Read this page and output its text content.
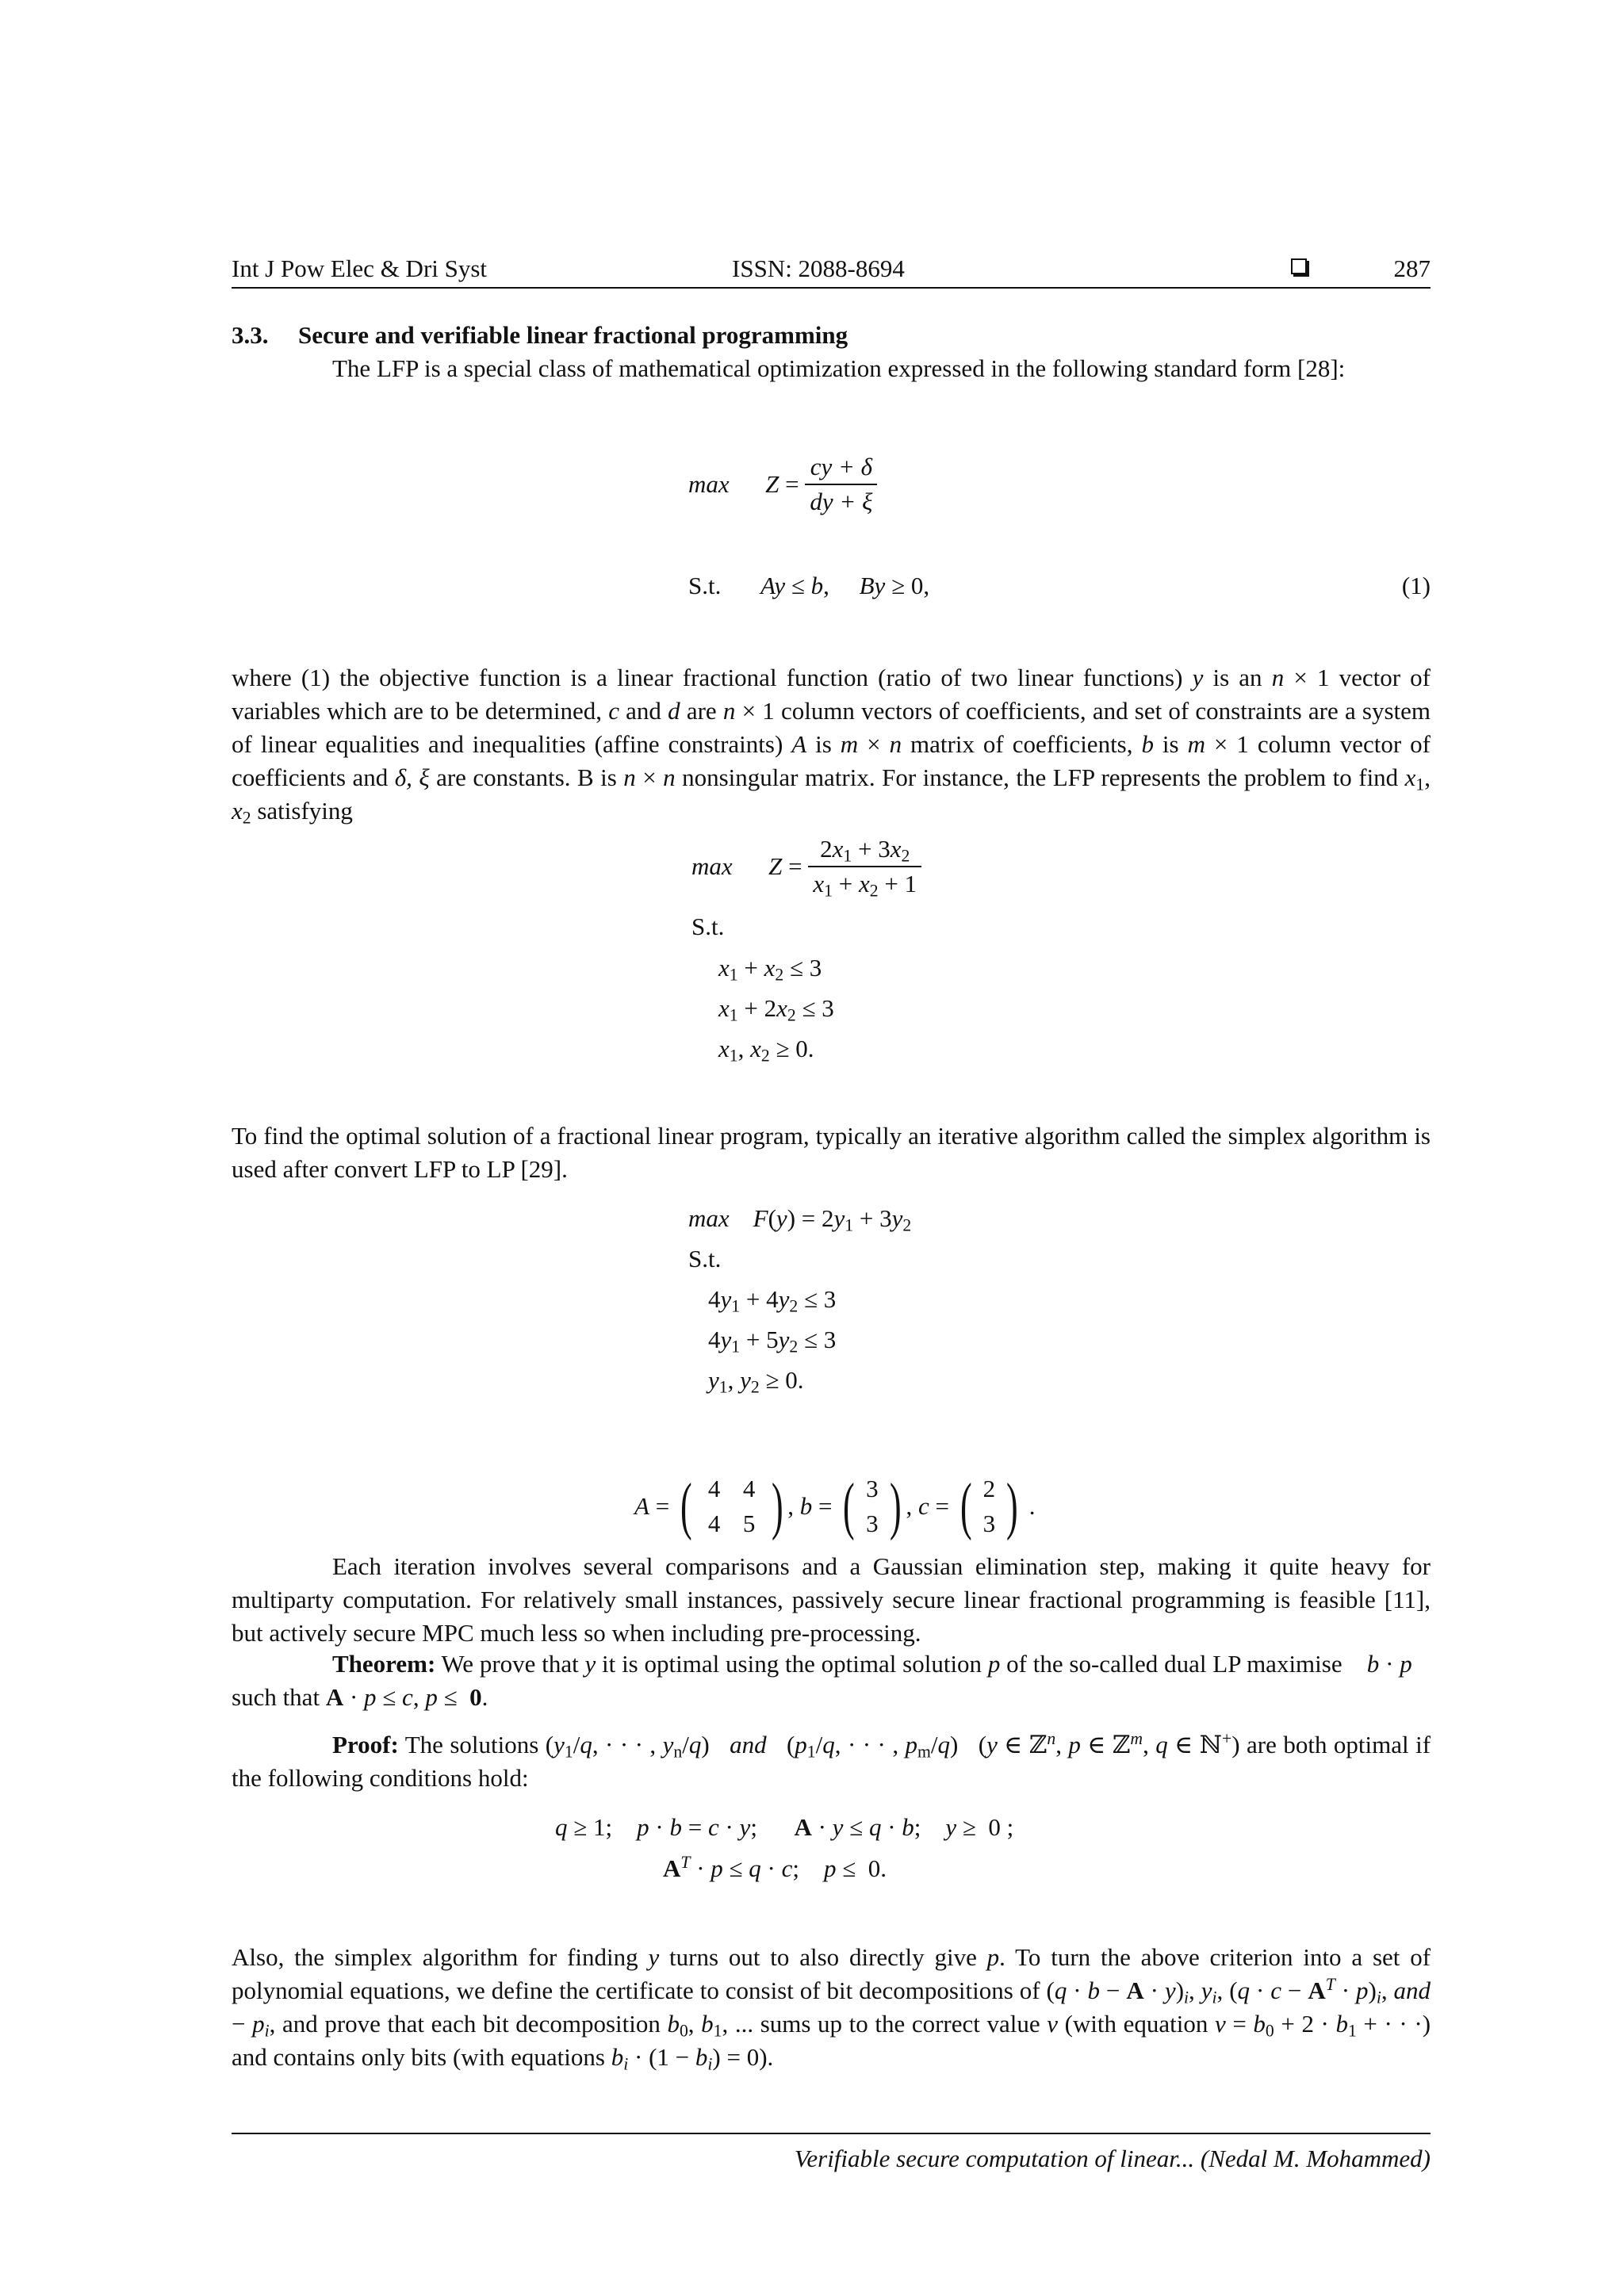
Int J Pow Elec & Dri Syst	ISSN: 2088-8694	287
3.3. Secure and verifiable linear fractional programming
The LFP is a special class of mathematical optimization expressed in the following standard form [28]:
$\max Z = \frac{cy + \delta}{dy + \xi}$
S.t. Ay ≤ b, By ≥ 0,	(1)
where (1) the objective function is a linear fractional function (ratio of two linear functions) y is an n × 1 vector of variables which are to be determined, c and d are n × 1 column vectors of coefficients, and set of constraints are a system of linear equalities and inequalities (affine constraints) A is m × n matrix of coefficients, b is m × 1 column vector of coefficients and δ, ξ are constants. B is n × n nonsingular matrix. For instance, the LFP represents the problem to find $x_1$, $x_2$ satisfying
$\max Z = \frac{2x_1 + 3x_2}{x_1 + x_2 + 1}$
S.t.
$x_1 + x_2 \le 3$
$x_1 + 2x_2 \le 3$
$x_1$, $x_2 \ge 0$.
To find the optimal solution of a fractional linear program, typically an iterative algorithm called the simplex algorithm is used after convert LFP to LP [29].
$\max F(y) = 2y_1 + 3y_2$
S.t.
$4y_1 + 4y_2 \le 3$
$4y_1 + 5y_2 \le 3$
$y_1$, $y_2 \ge 0$.
A = ( 4 4
4 5 ) , b = ( 3
3 ) , c = ( 2
3 ) .
Each iteration involves several comparisons and a Gaussian elimination step, making it quite heavy for multiparty computation. For relatively small instances, passively secure linear fractional programming is feasible [11], but actively secure MPC much less so when including pre-processing.
Theorem: We prove that y it is optimal using the optimal solution p of the so-called dual LP maximise    b · p    such that A · p ≤ c, p ≤  0.
Proof: The solutions ($y_1/q$, · · · , $y_n/q$)   and   ($p_1/q$, · · · , $p_m/q$)   (y ∈ ℤ$^n$, p ∈ ℤ$^m$, q ∈ ℕ+) are both optimal if the following conditions hold:
q ≥ 1;    p · b = c · y;      A · y ≤ q · b;    y ≥  0 ;
$A^T \cdot p \le q \cdot c$;    p ≤  0.
Also, the simplex algorithm for finding y turns out to also directly give p. To turn the above criterion into a set of polynomial equations, we define the certificate to consist of bit decompositions of $(q \cdot b - A \cdot y)_i$, $y_i$, $(q \cdot c - A^T \cdot p)_i$, and − $p_i$, and prove that each bit decomposition $b_0$, $b_1$, ... sums up to the correct value v (with equation $v = b_0 + 2 \cdot b_1$ + · · ·) and contains only bits (with equations $b_i \cdot (1 - b_i) = 0$).
Verifiable secure computation of linear... (Nedal M. Mohammed)
